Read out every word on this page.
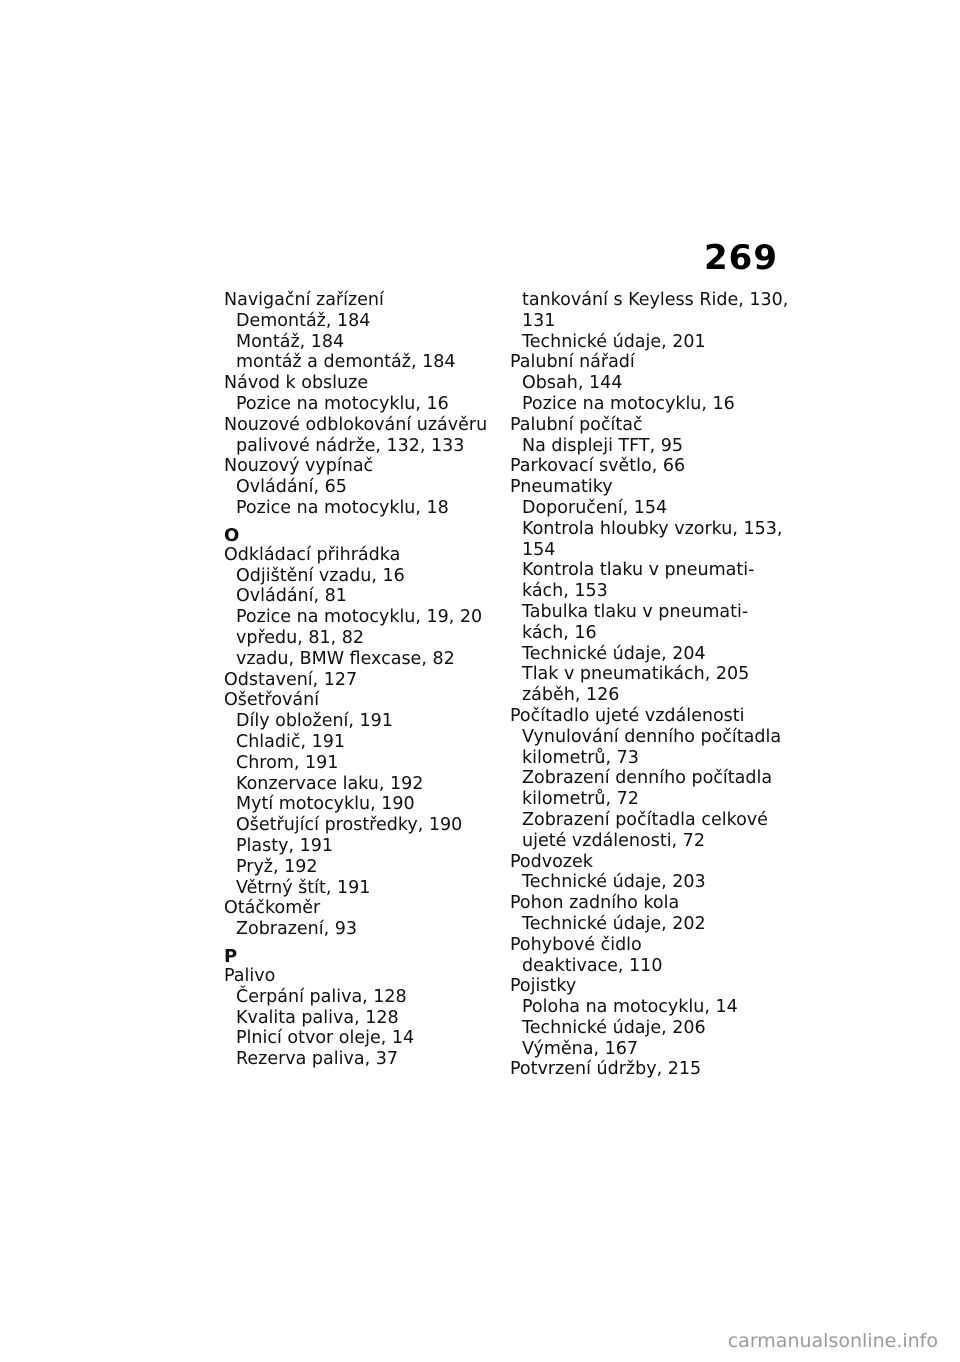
269
Navigační zařízení
Demontáž, 184
Montáž, 184
montáž a demontáž, 184
Návod k obsluze
Pozice na motocyklu, 16
Nouzové odblokování uzávěru
palivové nádrže, 132, 133
Nouzový vypínač
Ovládání, 65
Pozice na motocyklu, 18
O
Odkládací přihrádka
Odjištění vzadu, 16
Ovládání, 81
Pozice na motocyklu, 19, 20
vpředu, 81, 82
vzadu, BMW flexcase, 82
Odstavení, 127
Ošetřování
Díly obložení, 191
Chladič, 191
Chrom, 191
Konzervace laku, 192
Mytí motocyklu, 190
Ošetřující prostředky, 190
Plasty, 191
Pryž, 192
Větrný štít, 191
Otáčkoměr
Zobrazení, 93
P
Palivo
Čerpání paliva, 128
Kvalita paliva, 128
Plnicí otvor oleje, 14
Rezerva paliva, 37
tankování s Keyless Ride, 130,
131
Technické údaje, 201
Palubní nářadí
Obsah, 144
Pozice na motocyklu, 16
Palubní počítač
Na displeji TFT, 95
Parkovací světlo, 66
Pneumatiky
Doporučení, 154
Kontrola hloubky vzorku, 153,
154
Kontrola tlaku v pneumati-
kách, 153
Tabulka tlaku v pneumati-
kách, 16
Technické údaje, 204
Tlak v pneumatikách, 205
záběh, 126
Počítadlo ujeté vzdálenosti
Vynulování denního počítadla
kilometrů, 73
Zobrazení denního počítadla
kilometrů, 72
Zobrazení počítadla celkové
ujeté vzdálenosti, 72
Podvozek
Technické údaje, 203
Pohon zadního kola
Technické údaje, 202
Pohybové čidlo
deaktivace, 110
Pojistky
Poloha na motocyklu, 14
Technické údaje, 206
Výměna, 167
Potvrzení údržby, 215
carmanualsonline.info
